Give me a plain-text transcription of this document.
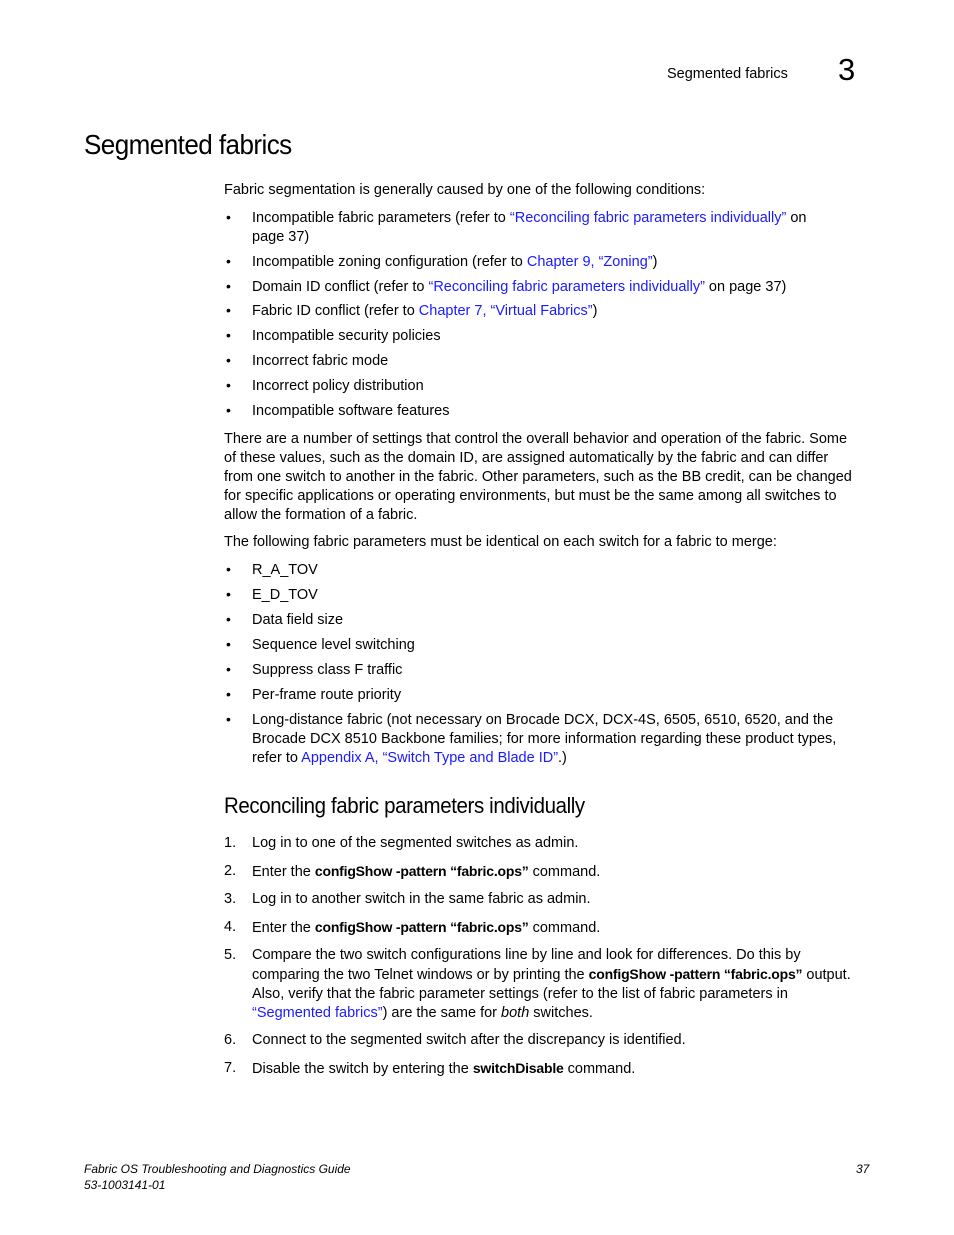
Segmented fabrics 3
Segmented fabrics
Fabric segmentation is generally caused by one of the following conditions:
• Incompatible fabric parameters (refer to “Reconciling fabric parameters individually” on
page 37)
• Incompatible zoning configuration (refer to Chapter 9, “Zoning”)
• Domain ID conflict (refer to “Reconciling fabric parameters individually” on page 37)
• Fabric ID conflict (refer to Chapter 7, “Virtual Fabrics”)
• Incompatible security policies
• Incorrect fabric mode
• Incorrect policy distribution
• Incompatible software features
There are a number of settings that control the overall behavior and operation of the fabric. Some
of these values, such as the domain ID, are assigned automatically by the fabric and can differ
from one switch to another in the fabric. Other parameters, such as the BB credit, can be changed
for specific applications or operating environments, but must be the same among all switches to
allow the formation of a fabric.
The following fabric parameters must be identical on each switch for a fabric to merge:
• R_A_TOV
• E_D_TOV
• Data field size
• Sequence level switching
• Suppress class F traffic
• Per-frame route priority
• Long-distance fabric (not necessary on Brocade DCX, DCX-4S, 6505, 6510, 6520, and the
Brocade DCX 8510 Backbone families; for more information regarding these product types,
refer to Appendix A, “Switch Type and Blade ID”.)
Reconciling fabric parameters individually
1. Log in to one of the segmented switches as admin.
2. Enter the configShow -pattern “fabric.ops” command.
3. Log in to another switch in the same fabric as admin.
4. Enter the configShow -pattern “fabric.ops” command.
5. Compare the two switch configurations line by line and look for differences. Do this by
comparing the two Telnet windows or by printing the configShow -pattern “fabric.ops” output.
Also, verify that the fabric parameter settings (refer to the list of fabric parameters in
“Segmented fabrics”) are the same for both switches.
6. Connect to the segmented switch after the discrepancy is identified.
7. Disable the switch by entering the switchDisable command.
Fabric OS Troubleshooting and Diagnostics Guide
53-1003141-01
37
